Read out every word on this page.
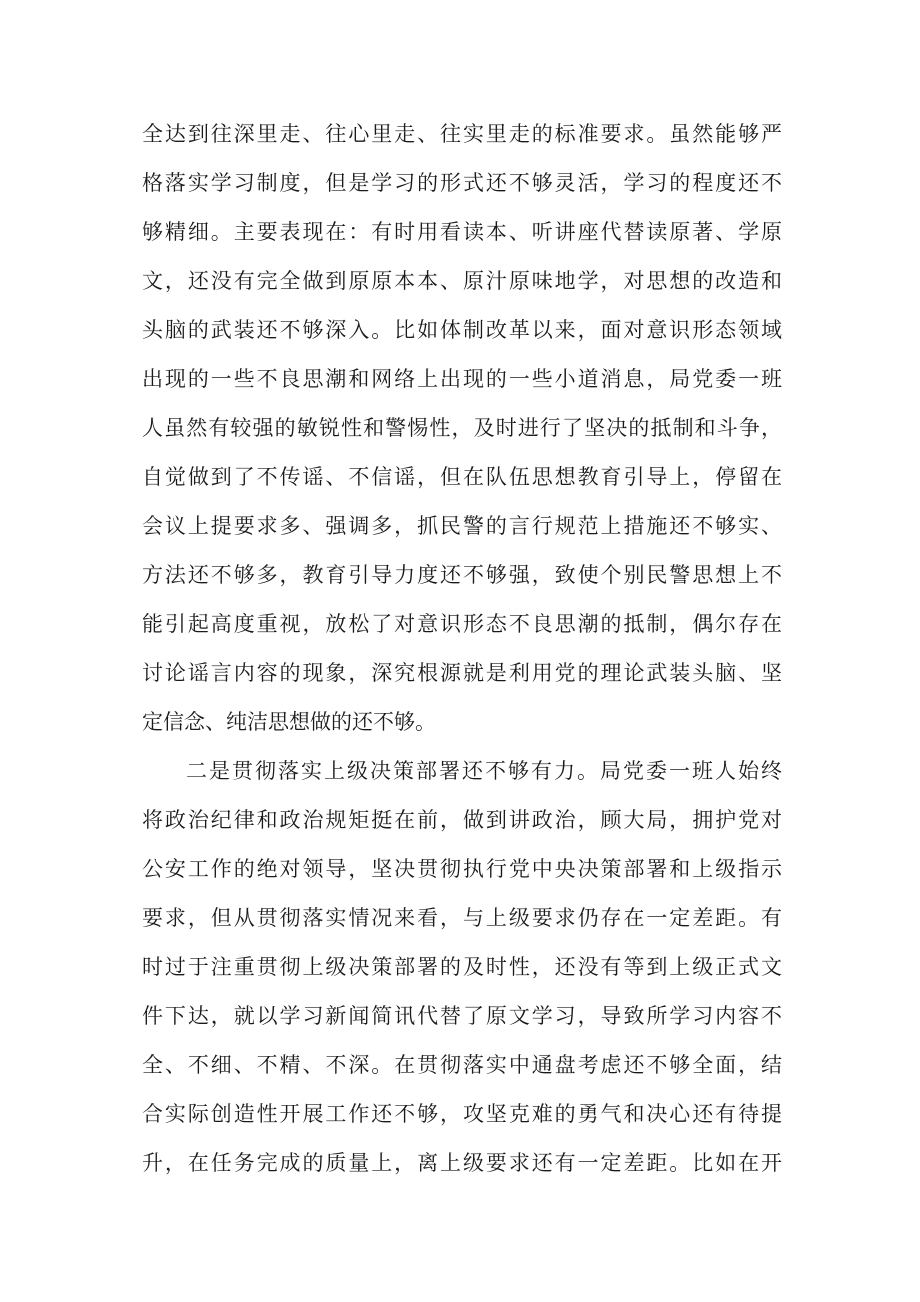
全达到往深里走、往心里走、往实里走的标准要求。虽然能够严
格落实学习制度，但是学习的形式还不够灵活，学习的程度还不
够精细。主要表现在：有时用看读本、听讲座代替读原著、学原
文，还没有完全做到原原本本、原汁原味地学，对思想的改造和
头脑的武装还不够深入。比如体制改革以来，面对意识形态领域
出现的一些不良思潮和网络上出现的一些小道消息，局党委一班
人虽然有较强的敏锐性和警惕性，及时进行了坚决的抵制和斗争，
自觉做到了不传谣、不信谣，但在队伍思想教育引导上，停留在
会议上提要求多、强调多，抓民警的言行规范上措施还不够实、
方法还不够多，教育引导力度还不够强，致使个别民警思想上不
能引起高度重视，放松了对意识形态不良思潮的抵制，偶尔存在
讨论谣言内容的现象，深究根源就是利用党的理论武装头脑、坚
定信念、纯洁思想做的还不够。
二是贯彻落实上级决策部署还不够有力。局党委一班人始终
将政治纪律和政治规矩挺在前，做到讲政治，顾大局，拥护党对
公安工作的绝对领导，坚决贯彻执行党中央决策部署和上级指示
要求，但从贯彻落实情况来看，与上级要求仍存在一定差距。有
时过于注重贯彻上级决策部署的及时性，还没有等到上级正式文
件下达，就以学习新闻简讯代替了原文学习，导致所学习内容不
全、不细、不精、不深。在贯彻落实中通盘考虑还不够全面，结
合实际创造性开展工作还不够，攻坚克难的勇气和决心还有待提
升，在任务完成的质量上，离上级要求还有一定差距。比如在开
